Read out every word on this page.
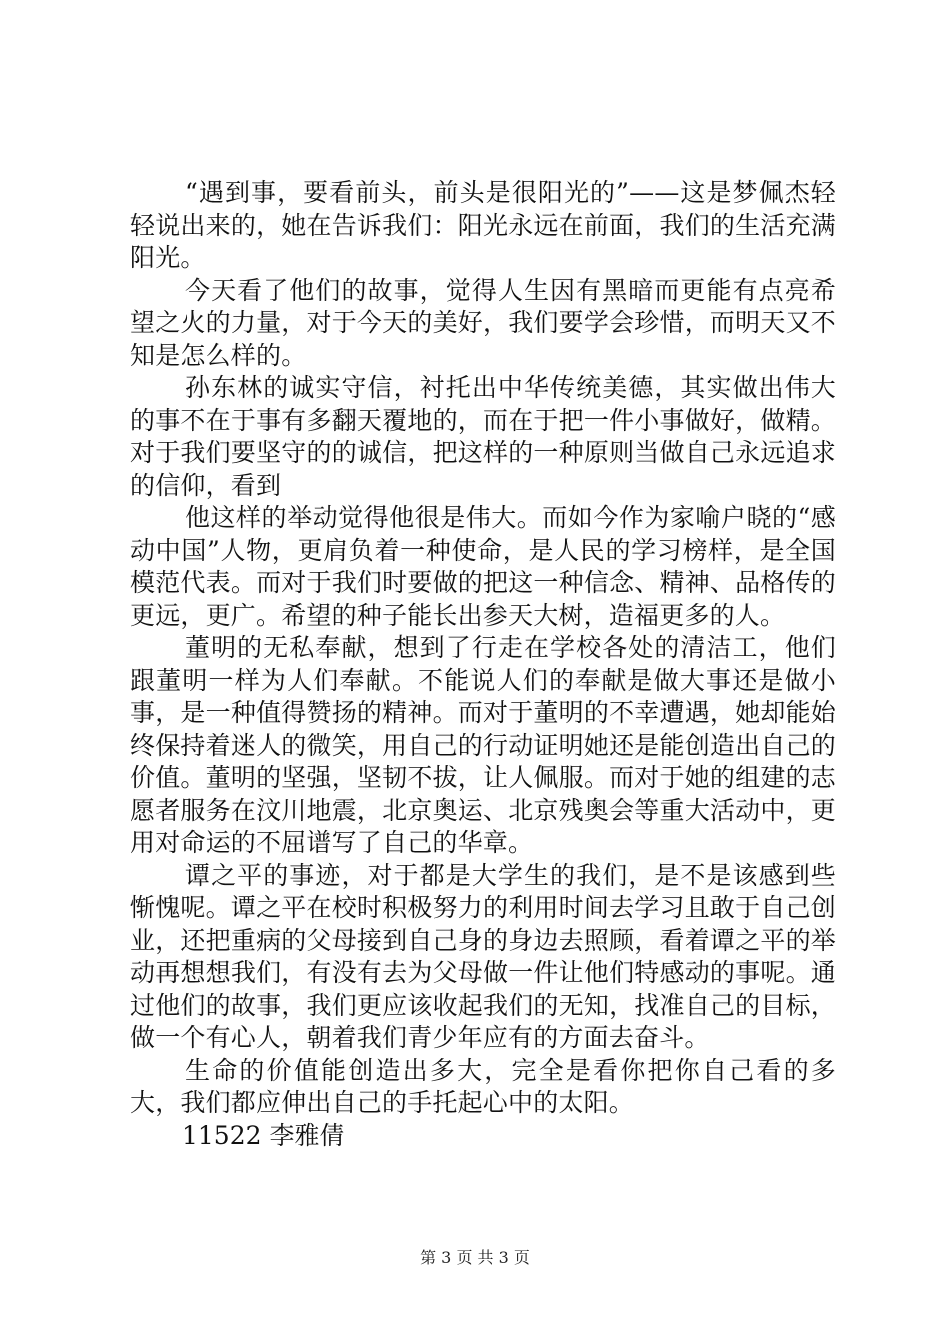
“遇到事，要看前头，前头是很阳光的”——这是梦佩杰轻轻说出来的，她在告诉我们：阳光永远在前面，我们的生活充满阳光。

今天看了他们的故事，觉得人生因有黑暗而更能有点亮希望之火的力量，对于今天的美好，我们要学会珍惜，而明天又不知是怎么样的。

孙东林的诚实守信，衬托出中华传统美德，其实做出伟大的事不在于事有多翻天覆地的，而在于把一件小事做好，做精。对于我们要坚守的的诚信，把这样的一种原则当做自己永远追求的信仰，看到

他这样的举动觉得他很是伟大。而如今作为家喻户晓的“感动中国”人物，更肩负着一种使命，是人民的学习榜样，是全国模范代表。而对于我们时要做的把这一种信念、精神、品格传的更远，更广。希望的种子能长出参天大树，造福更多的人。

董明的无私奉献，想到了行走在学校各处的清洁工，他们跟董明一样为人们奉献。不能说人们的奉献是做大事还是做小事，是一种值得赞扬的精神。而对于董明的不幸遭遇，她却能始终保持着迷人的微笑，用自己的行动证明她还是能创造出自己的价值。董明的坚强，坚韧不拔，让人佩服。而对于她的组建的志愿者服务在汶川地震，北京奥运、北京残奥会等重大活动中，更用对命运的不屈谱写了自己的华章。

谭之平的事迹，对于都是大学生的我们，是不是该感到些惭愧呢。谭之平在校时积极努力的利用时间去学习且敢于自己创业，还把重病的父母接到自己身的身边去照顾，看着谭之平的举动再想想我们，有没有去为父母做一件让他们特感动的事呢。通过他们的故事，我们更应该收起我们的无知，找准自己的目标，做一个有心人，朝着我们青少年应有的方面去奋斗。

生命的价值能创造出多大，完全是看你把你自己看的多大，我们都应伸出自己的手托起心中的太阳。

11522 李雅倩

第 3 页 共 3 页
